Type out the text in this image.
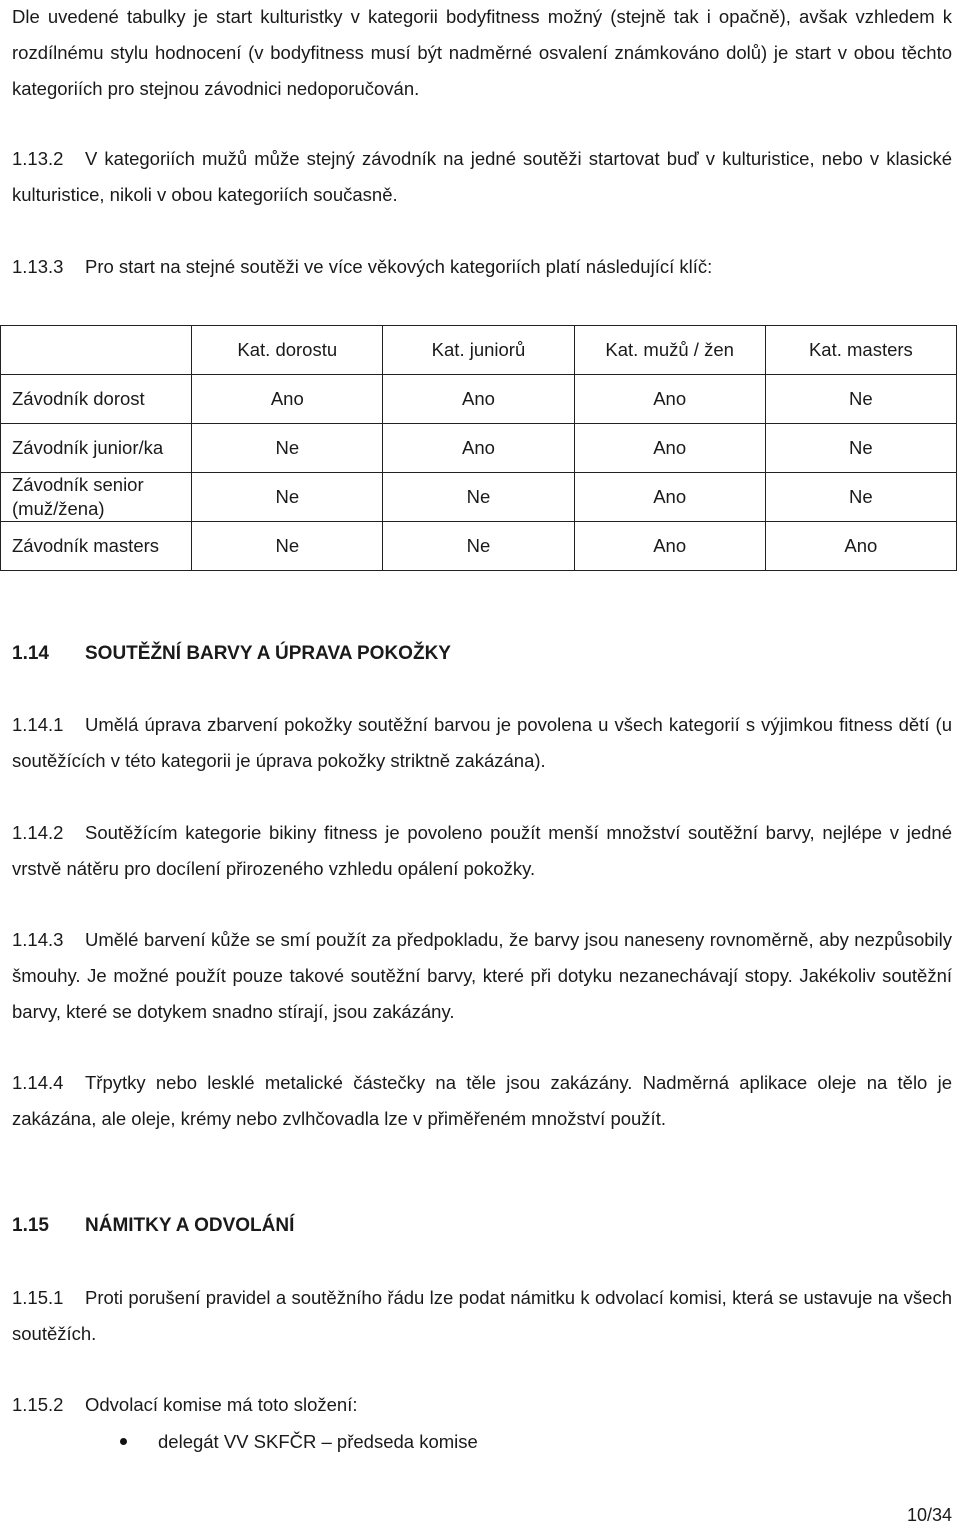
Dle uvedené tabulky je start kulturistky v kategorii bodyfitness možný (stejně tak i opačně), avšak vzhledem k rozdílnému stylu hodnocení (v bodyfitness musí být nadměrné osvalení známkováno dolů) je start v obou těchto kategoriích pro stejnou závodnici nedoporučován.

1.13.2 V kategoriích mužů může stejný závodník na jedné soutěži startovat buď v kulturistice, nebo v klasické kulturistice, nikoli v obou kategoriích současně.

1.13.3 Pro start na stejné soutěži ve více věkových kategoriích platí následující klíč:

	Kat. dorostu	Kat. juniorů	Kat. mužů / žen	Kat. masters
Závodník dorost	Ano	Ano	Ano	Ne
Závodník junior/ka	Ne	Ano	Ano	Ne
Závodník senior (muž/žena)	Ne	Ne	Ano	Ne
Závodník masters	Ne	Ne	Ano	Ano

1.14 SOUTĚŽNÍ BARVY A ÚPRAVA POKOŽKY

1.14.1 Umělá úprava zbarvení pokožky soutěžní barvou je povolena u všech kategorií s výjimkou fitness dětí (u soutěžících v této kategorii je úprava pokožky striktně zakázána).

1.14.2 Soutěžícím kategorie bikiny fitness je povoleno použít menší množství soutěžní barvy, nejlépe v jedné vrstvě nátěru pro docílení přirozeného vzhledu opálení pokožky.

1.14.3 Umělé barvení kůže se smí použít za předpokladu, že barvy jsou naneseny rovnoměrně, aby nezpůsobily šmouhy. Je možné použít pouze takové soutěžní barvy, které při dotyku nezanechávají stopy. Jakékoliv soutěžní barvy, které se dotykem snadno stírají, jsou zakázány.

1.14.4 Třpytky nebo lesklé metalické částečky na těle jsou zakázány. Nadměrná aplikace oleje na tělo je zakázána, ale oleje, krémy nebo zvlhčovadla lze v přiměřeném množství použít.

1.15 NÁMITKY A ODVOLÁNÍ

1.15.1 Proti porušení pravidel a soutěžního řádu lze podat námitku k odvolací komisi, která se ustavuje na všech soutěžích.

1.15.2 Odvolací komise má toto složení:

delegát VV SKFČR – předseda komise
10/34
